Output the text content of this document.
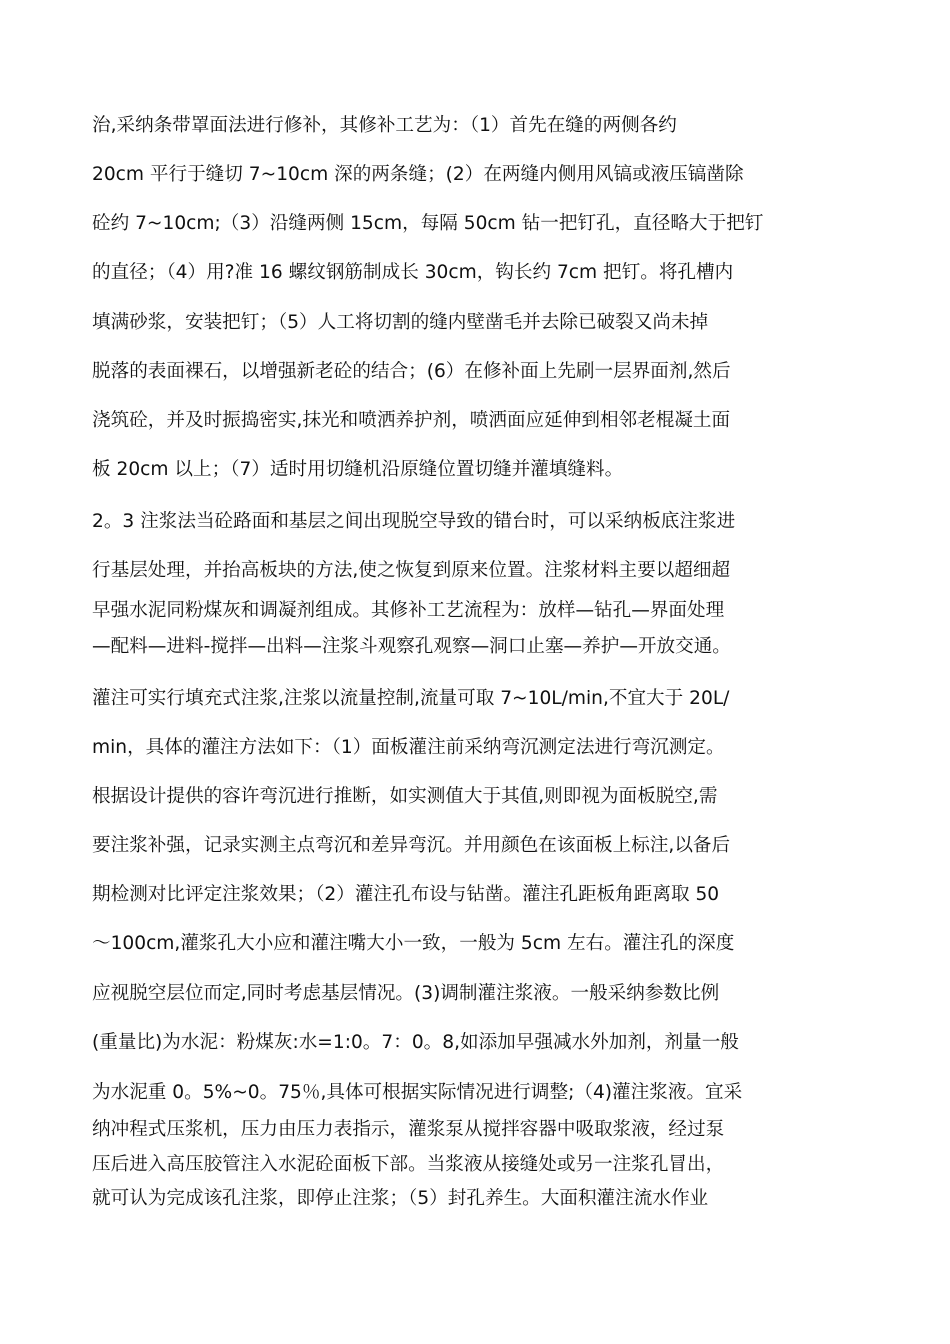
治,采纳条带罩面法进行修补，其修补工艺为：（1）首先在缝的两侧各约
20cm 平行于缝切 7~10cm 深的两条缝；(2）在两缝内侧用风镐或液压镐凿除
砼约 7~10cm;（3）沿缝两侧 15cm，每隔 50cm 钻一把钉孔，直径略大于把钉
的直径；（4）用?准 16 螺纹钢筋制成长 30cm，钩长约 7cm 把钉。将孔槽内
填满砂浆，安装把钉；（5）人工将切割的缝内壁凿毛并去除已破裂又尚未掉
脱落的表面裸石，以增强新老砼的结合；(6）在修补面上先刷一层界面剂,然后
浇筑砼，并及时振捣密实,抹光和喷洒养护剂，喷洒面应延伸到相邻老棍凝土面
板 20cm 以上；（7）适时用切缝机沿原缝位置切缝并灌填缝料。
2。3 注浆法当砼路面和基层之间出现脱空导致的错台时，可以采纳板底注浆进
行基层处理，并抬高板块的方法,使之恢复到原来位置。注浆材料主要以超细超
早强水泥同粉煤灰和调凝剂组成。其修补工艺流程为：放样—钻孔—界面处理
—配料—进料-搅拌—出料—注浆斗观察孔观察—洞口止塞—养护—开放交通。
灌注可实行填充式注浆,注浆以流量控制,流量可取 7~10L/min,不宜大于 20L/
min，具体的灌注方法如下：（1）面板灌注前采纳弯沉测定法进行弯沉测定。
根据设计提供的容许弯沉进行推断，如实测值大于其值,则即视为面板脱空,需
要注浆补强，记录实测主点弯沉和差异弯沉。并用颜色在该面板上标注,以备后
期检测对比评定注浆效果；（2）灌注孔布设与钻凿。灌注孔距板角距离取 50
～100cm,灌浆孔大小应和灌注嘴大小一致，一般为 5cm 左右。灌注孔的深度
应视脱空层位而定,同时考虑基层情况。(3)调制灌注浆液。一般采纳参数比例
(重量比)为水泥：粉煤灰:水=1:0。7：0。8,如添加早强减水外加剂，剂量一般
为水泥重 0。5%~0。75％,具体可根据实际情况进行调整;（4)灌注浆液。宜采
纳冲程式压浆机，压力由压力表指示，灌浆泵从搅拌容器中吸取浆液，经过泵
压后进入高压胶管注入水泥砼面板下部。当浆液从接缝处或另一注浆孔冒出，
就可认为完成该孔注浆，即停止注浆；（5）封孔养生。大面积灌注流水作业
